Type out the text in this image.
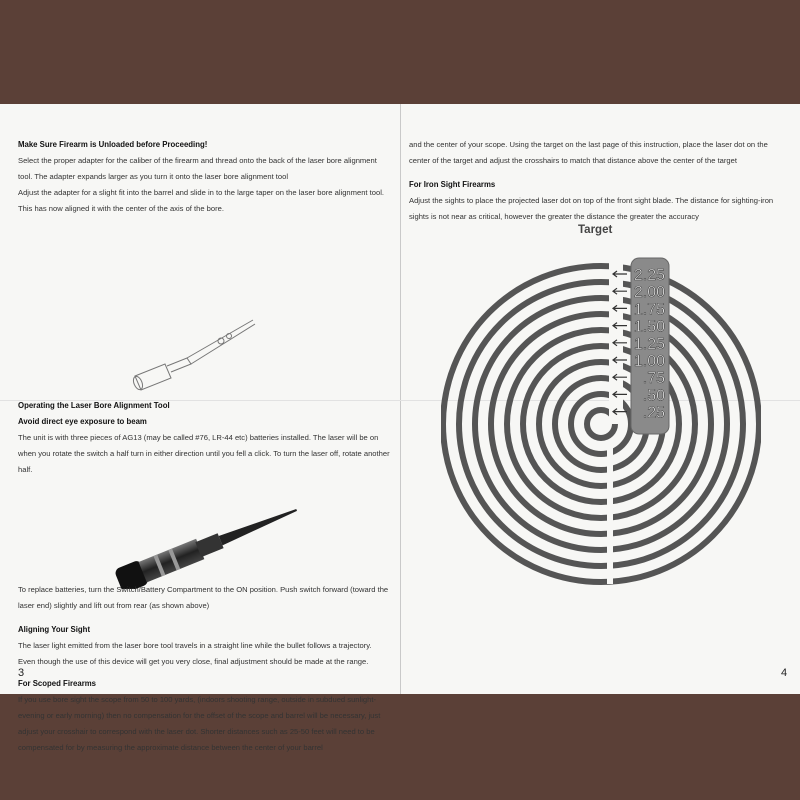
Make Sure Firearm is Unloaded before Proceeding!

Select the proper adapter for the caliber of the firearm and thread onto the back of the laser bore alignment tool. The adapter expands larger as you turn it onto the laser bore alignment tool

Adjust the adapter for a slight fit into the barrel and slide in to the large taper on the laser bore alignment tool. This has now aligned it with the center of the axis of the bore.

Operating the Laser Bore Alignment Tool

Avoid direct eye exposure to beam

The unit is with three pieces of AG13 (may be called #76, LR-44 etc) batteries installed. The laser will be on when you rotate the switch a half turn in either direction until you fell a click. To turn the laser off, rotate another half.

To replace batteries, turn the Switch/Battery Compartment to the ON position. Push switch forward (toward the laser end) slightly and lift out from rear (as shown above)

Aligning Your Sight

The laser light emitted from the laser bore tool travels in a straight line while the bullet follows a trajectory. Even though the use of this device will get you very close, final adjustment should be made at the range.

For Scoped Firearms

If you use bore sight the scope from 50 to 100 yards, (indoors shooting range, outside in subdued sunlight-evening or early morning) then no compensation for the offset of the scope and barrel will be necessary, just adjust your crosshair to correspond with the laser dot. Shorter distances such as 25-50 feet will need to be compensated for by measuring the approximate distance between the center of your barrel

3

and the center of your scope. Using the target on the last page of this instruction, place the laser dot on the center of the target and adjust the crosshairs to match that distance above the center of the target

For Iron Sight Firearms

Adjust the sights to place the projected laser dot on top of the front sight blade. The distance for sighting-iron sights is not near as critical, however the greater the distance the greater the accuracy

Target
2.25
2.00
1.75
1.50
1.25
1.00
.75
.50
.25
4
